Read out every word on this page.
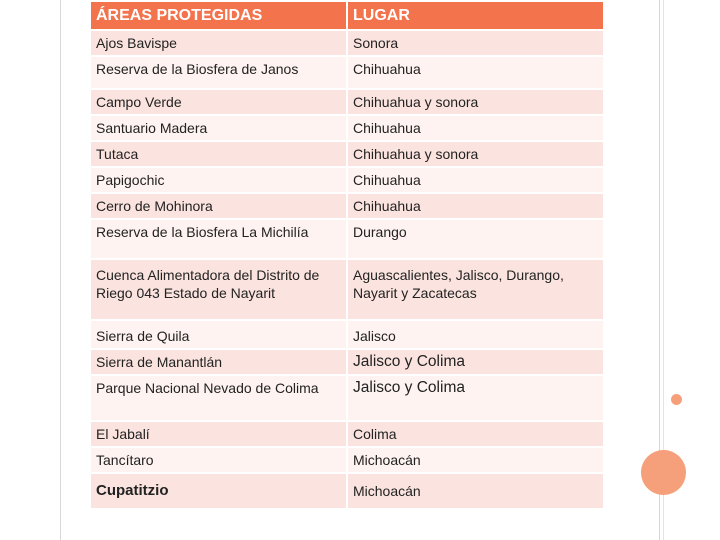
ÁREAS PROTEGIDAS	LUGAR
Ajos Bavispe	Sonora
Reserva de la Biosfera de Janos	Chihuahua
Campo Verde	Chihuahua y sonora
Santuario Madera	Chihuahua
Tutaca	Chihuahua y sonora
Papigochic	Chihuahua
Cerro de Mohinora	Chihuahua
Reserva de la Biosfera La Michilía	Durango
Cuenca Alimentadora del Distrito de Riego 043 Estado de Nayarit	Aguascalientes, Jalisco, Durango, Nayarit y Zacatecas
Sierra de Quila	Jalisco
Sierra de Manantlán	Jalisco y Colima
Parque Nacional Nevado de Colima	Jalisco y Colima
El Jabalí	Colima
Tancítaro	Michoacán
Cupatitzio	Michoacán
